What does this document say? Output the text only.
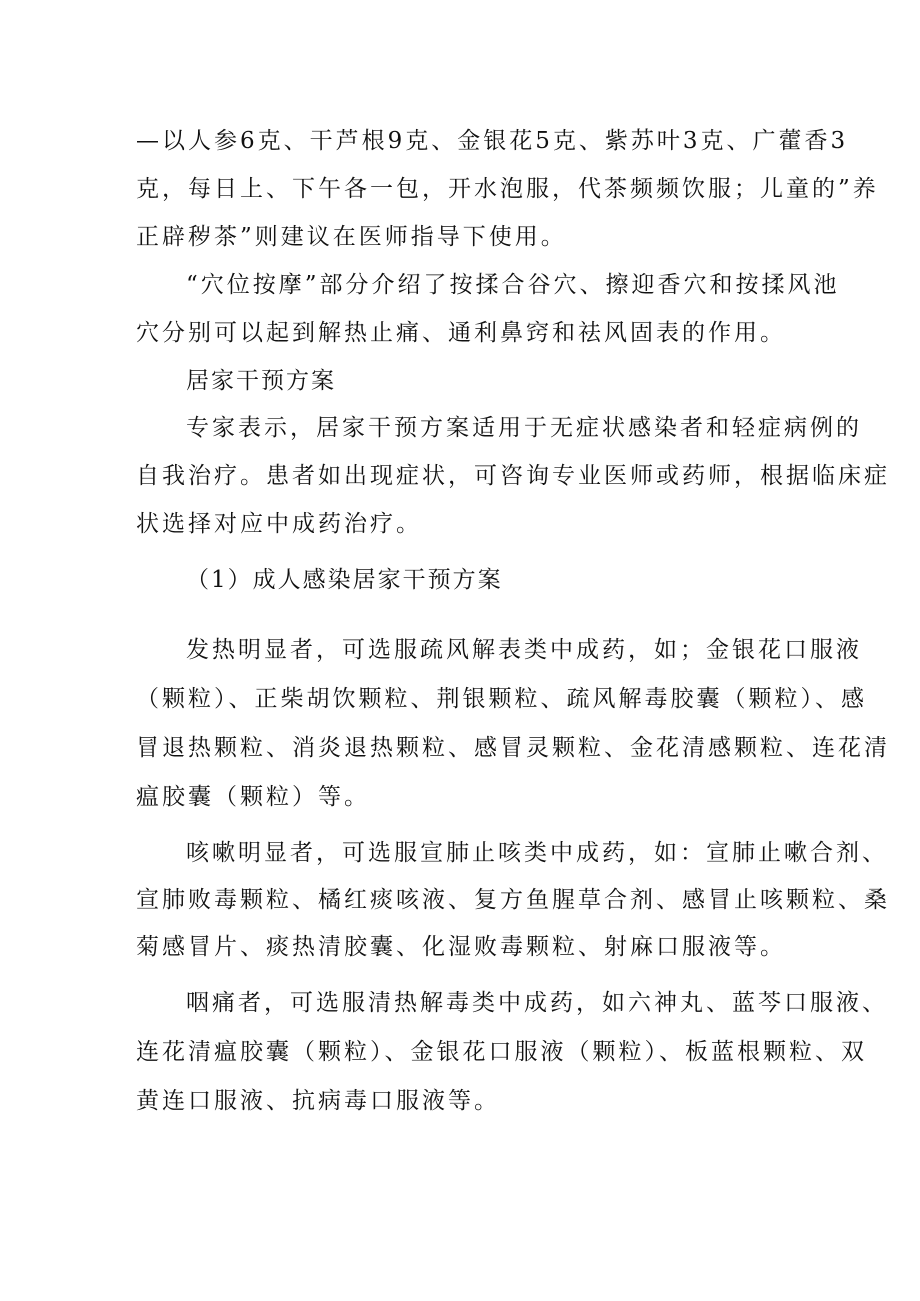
—以人参6克、干芦根9克、金银花5克、紫苏叶3克、广藿香3
克，每日上、下午各一包，开水泡服，代茶频频饮服；儿童的”养
正辟秽茶”则建议在医师指导下使用。
“穴位按摩”部分介绍了按揉合谷穴、擦迎香穴和按揉风池
穴分别可以起到解热止痛、通利鼻窍和祛风固表的作用。
居家干预方案
专家表示，居家干预方案适用于无症状感染者和轻症病例的
自我治疗。患者如出现症状，可咨询专业医师或药师，根据临床症
状选择对应中成药治疗。
（1）成人感染居家干预方案
发热明显者，可选服疏风解表类中成药，如；金银花口服液
（颗粒）、正柴胡饮颗粒、荆银颗粒、疏风解毒胶囊（颗粒）、感
冒退热颗粒、消炎退热颗粒、感冒灵颗粒、金花清感颗粒、连花清
瘟胶囊（颗粒）等。
咳嗽明显者，可选服宣肺止咳类中成药，如：宣肺止嗽合剂、
宣肺败毒颗粒、橘红痰咳液、复方鱼腥草合剂、感冒止咳颗粒、桑
菊感冒片、痰热清胶囊、化湿败毒颗粒、射麻口服液等。
咽痛者，可选服清热解毒类中成药，如六神丸、蓝芩口服液、
连花清瘟胶囊（颗粒）、金银花口服液（颗粒）、板蓝根颗粒、双
黄连口服液、抗病毒口服液等。
